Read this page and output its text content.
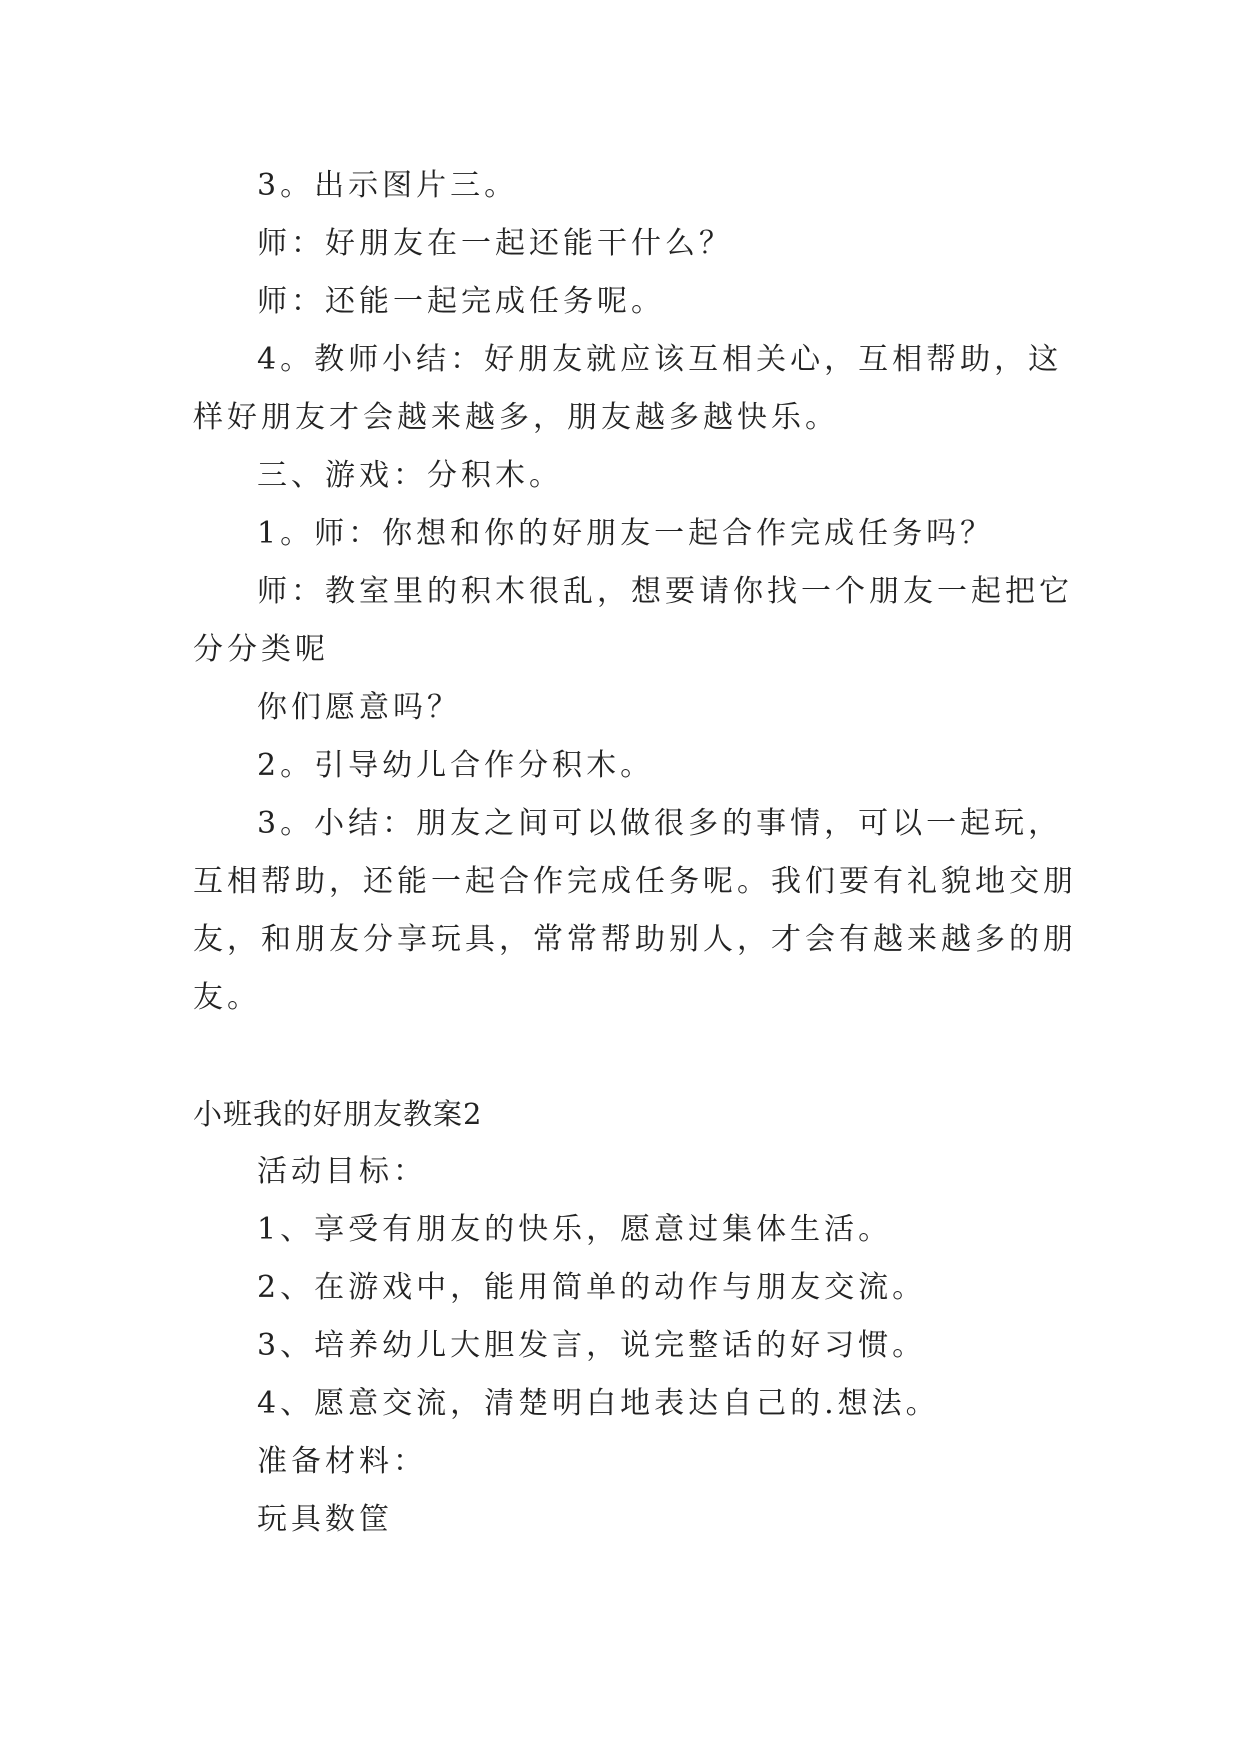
3。出示图片三。
师：好朋友在一起还能干什么？
师：还能一起完成任务呢。
4。教师小结：好朋友就应该互相关心，互相帮助，这
样好朋友才会越来越多，朋友越多越快乐。
三、游戏：分积木。
1。师：你想和你的好朋友一起合作完成任务吗？
师：教室里的积木很乱，想要请你找一个朋友一起把它
分分类呢
你们愿意吗？
2。引导幼儿合作分积木。
3。小结：朋友之间可以做很多的事情，可以一起玩，
互相帮助，还能一起合作完成任务呢。我们要有礼貌地交朋
友，和朋友分享玩具，常常帮助别人，才会有越来越多的朋
友。
小班我的好朋友教案2
活动目标：
1、享受有朋友的快乐，愿意过集体生活。
2、在游戏中，能用简单的动作与朋友交流。
3、培养幼儿大胆发言，说完整话的好习惯。
4、愿意交流，清楚明白地表达自己的.想法。
准备材料：
玩具数筐
